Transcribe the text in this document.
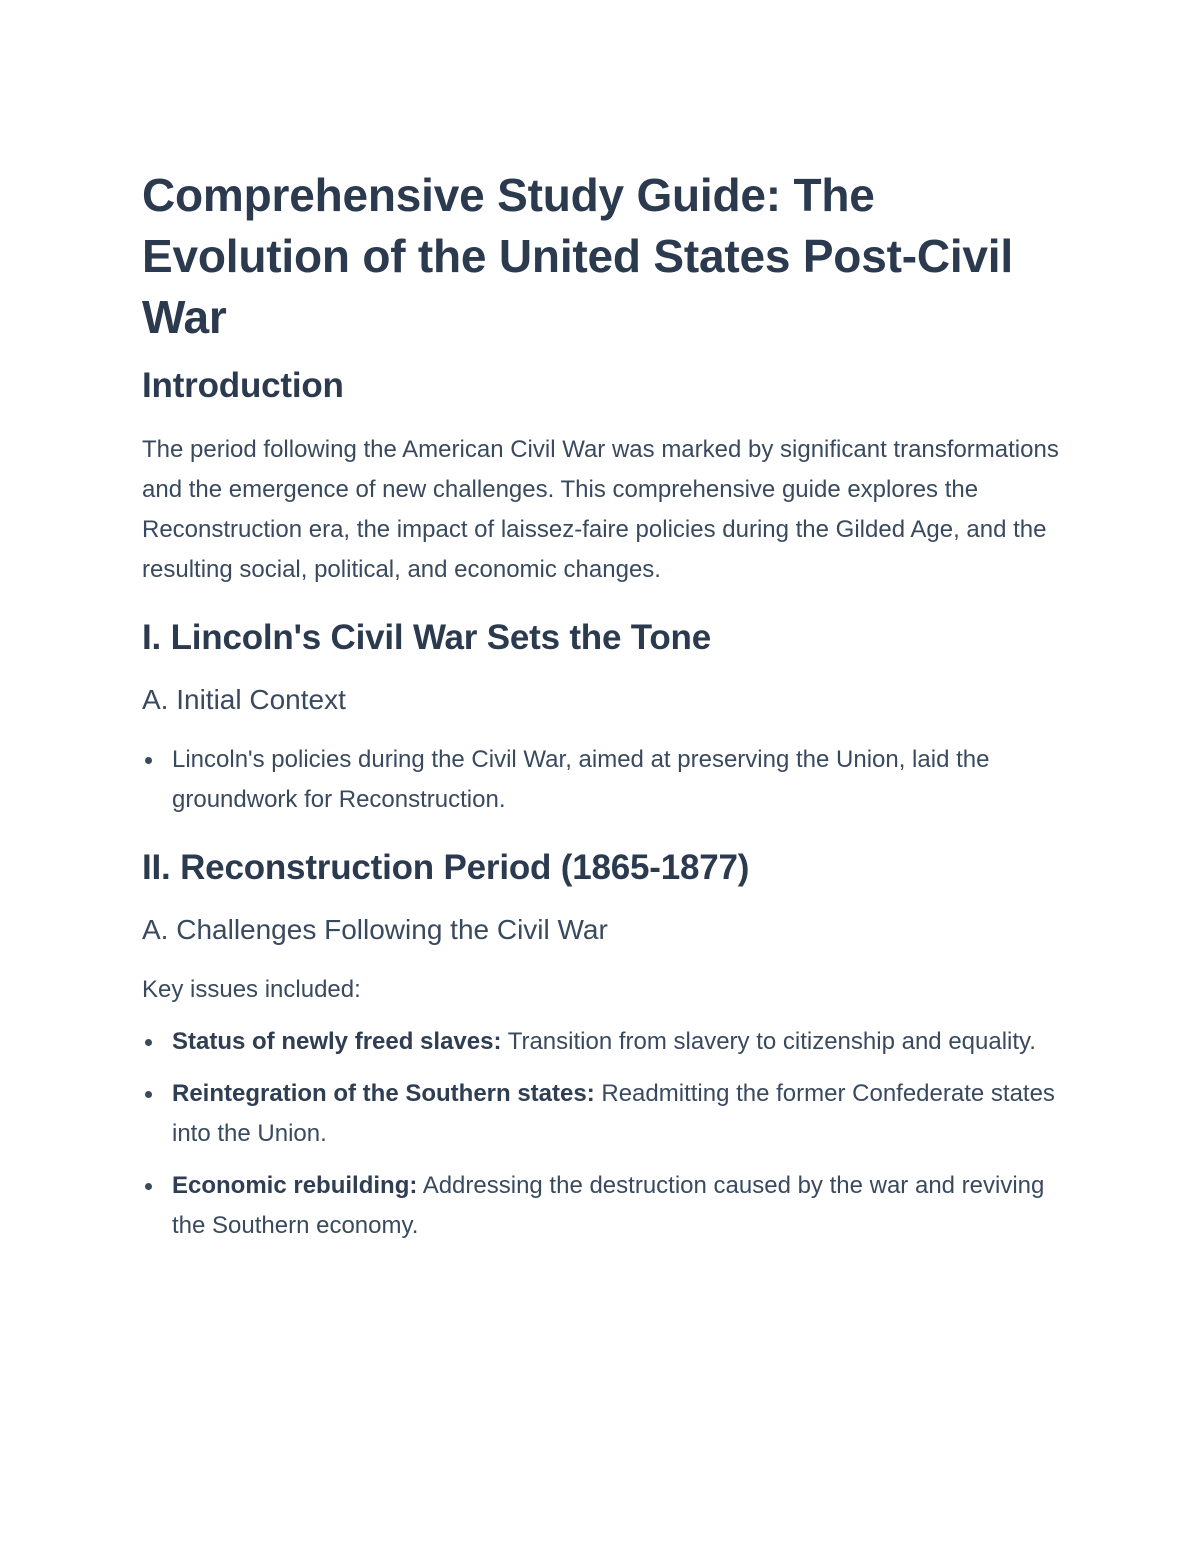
Comprehensive Study Guide: The Evolution of the United States Post-Civil War
Introduction

The period following the American Civil War was marked by significant transformations and the emergence of new challenges. This comprehensive guide explores the Reconstruction era, the impact of laissez-faire policies during the Gilded Age, and the resulting social, political, and economic changes.

I. Lincoln's Civil War Sets the Tone
A. Initial Context
Lincoln's policies during the Civil War, aimed at preserving the Union, laid the groundwork for Reconstruction.
II. Reconstruction Period (1865-1877)
A. Challenges Following the Civil War

Key issues included:

Status of newly freed slaves: Transition from slavery to citizenship and equality.
Reintegration of the Southern states: Readmitting the former Confederate states into the Union.
Economic rebuilding: Addressing the destruction caused by the war and reviving the Southern economy.
